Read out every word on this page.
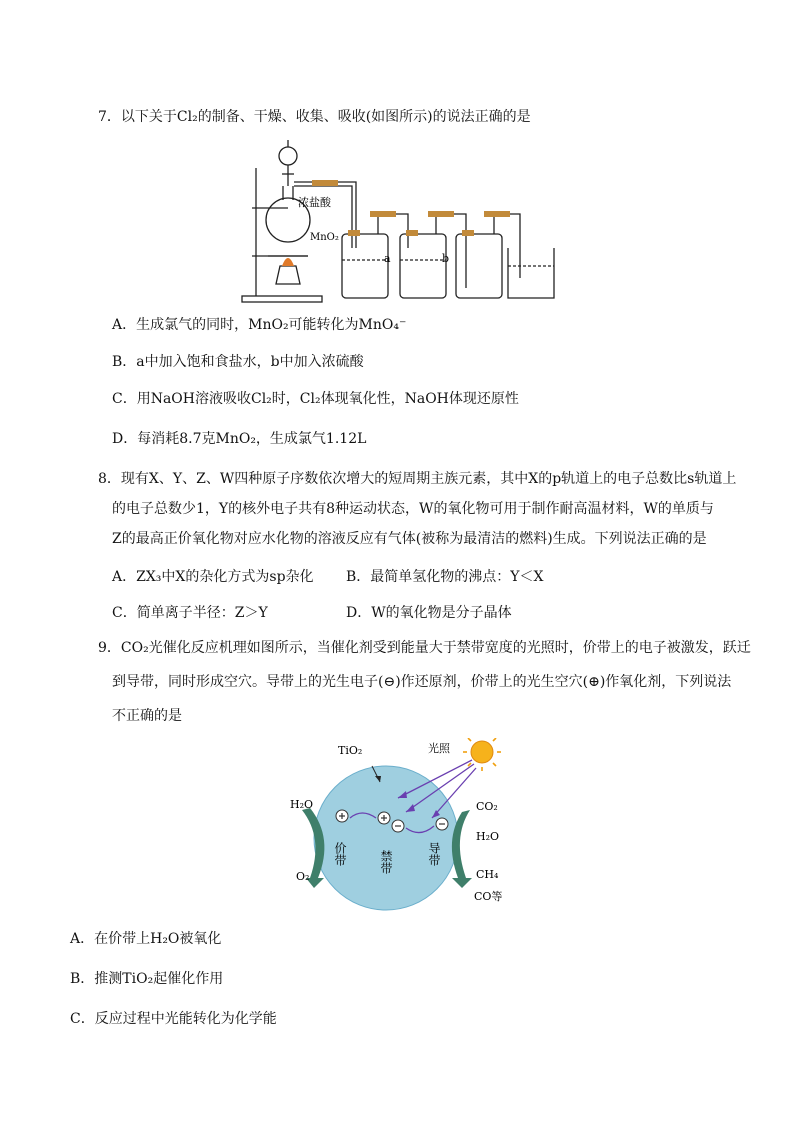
7．以下关于Cl₂的制备、干燥、收集、吸收(如图所示)的说法正确的是
浓盐酸
MnO₂
a	b
A．生成氯气的同时，MnO₂可能转化为MnO₄⁻
B．a中加入饱和食盐水，b中加入浓硫酸
C．用NaOH溶液吸收Cl₂时，Cl₂体现氧化性，NaOH体现还原性
D．每消耗8.7克MnO₂，生成氯气1.12L
8．现有X、Y、Z、W四种原子序数依次增大的短周期主族元素，其中X的p轨道上的电子总数比s轨道上
的电子总数少1，Y的核外电子共有8种运动状态，W的氧化物可用于制作耐高温材料，W的单质与
Z的最高正价氧化物对应水化物的溶液反应有气体(被称为最清洁的燃料)生成。下列说法正确的是
A．ZX₃中X的杂化方式为sp杂化 B．最简单氢化物的沸点：Y＜X
C．简单离子半径：Z＞Y	D．W的氧化物是分子晶体
9．CO₂光催化反应机理如图所示，当催化剂受到能量大于禁带宽度的光照时，价带上的电子被激发，跃迁
到导带，同时形成空穴。导带上的光生电子(⊖)作还原剂，价带上的光生空穴(⊕)作氧化剂，下列说法
不正确的是
TiO₂	光照
H₂O
O₂
CO₂
H₂O
CH₄
CO等
价带	禁带	导带
A．在价带上H₂O被氧化
B．推测TiO₂起催化作用
C．反应过程中光能转化为化学能
